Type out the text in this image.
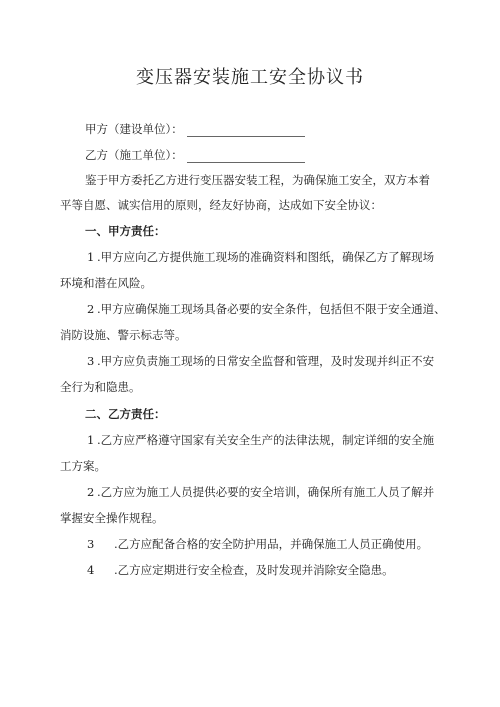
变压器安装施工安全协议书
甲方（建设单位）：
乙方（施工单位）：
鉴于甲方委托乙方进行变压器安装工程，为确保施工安全，双方本着
平等自愿、诚实信用的原则，经友好协商，达成如下安全协议：
一、甲方责任：
1 .甲方应向乙方提供施工现场的准确资料和图纸，确保乙方了解现场
环境和潜在风险。
2 .甲方应确保施工现场具备必要的安全条件，包括但不限于安全通道、
消防设施、警示标志等。
3 .甲方应负责施工现场的日常安全监督和管理，及时发现并纠正不安
全行为和隐患。
二、乙方责任：
1 .乙方应严格遵守国家有关安全生产的法律法规，制定详细的安全施
工方案。
2 .乙方应为施工人员提供必要的安全培训，确保所有施工人员了解并
掌握安全操作规程。
3 .乙方应配备合格的安全防护用品，并确保施工人员正确使用。
4 .乙方应定期进行安全检查，及时发现并消除安全隐患。
